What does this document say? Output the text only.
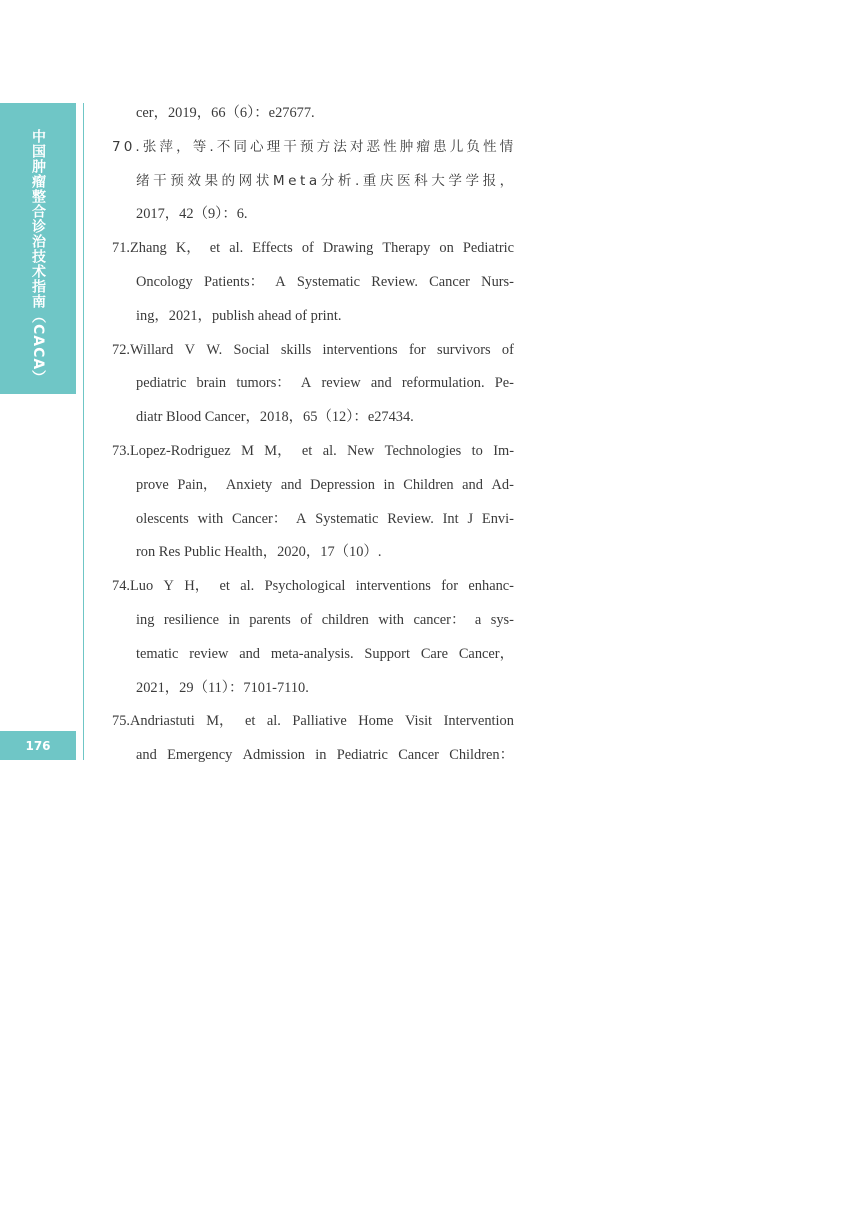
中国肿瘤整合诊治技术指南（CACA）
176
cer，2019，66（6）：e27677.
7 0 . 张 萍 ， 等 . 不 同 心 理 干 预 方 法 对 恶 性 肿 瘤 患 儿 负 性 情
绪 干 预 效 果 的 网 状 M e t a 分 析 . 重 庆 医 科 大 学 学 报 ，
2017，42（9）：6.
71.Zhang K， et al. Effects of Drawing Therapy on Pediatric
Oncology Patients： A Systematic Review. Cancer Nurs-
ing，2021，publish ahead of print.
72.Willard V W. Social skills interventions for survivors of
pediatric brain tumors： A review and reformulation. Pe-
diatr Blood Cancer，2018，65（12）：e27434.
73.Lopez-Rodriguez M M， et al. New Technologies to Im-
prove Pain， Anxiety and Depression in Children and Ad-
olescents with Cancer： A Systematic Review. Int J Envi-
ron Res Public Health，2020，17（10）.
74.Luo Y H， et al. Psychological interventions for enhanc-
ing resilience in parents of children with cancer： a sys-
tematic review and meta-analysis. Support Care Cancer，
2021，29（11）：7101-7110.
75.Andriastuti M， et al. Palliative Home Visit Intervention
and Emergency Admission in Pediatric Cancer Children：
